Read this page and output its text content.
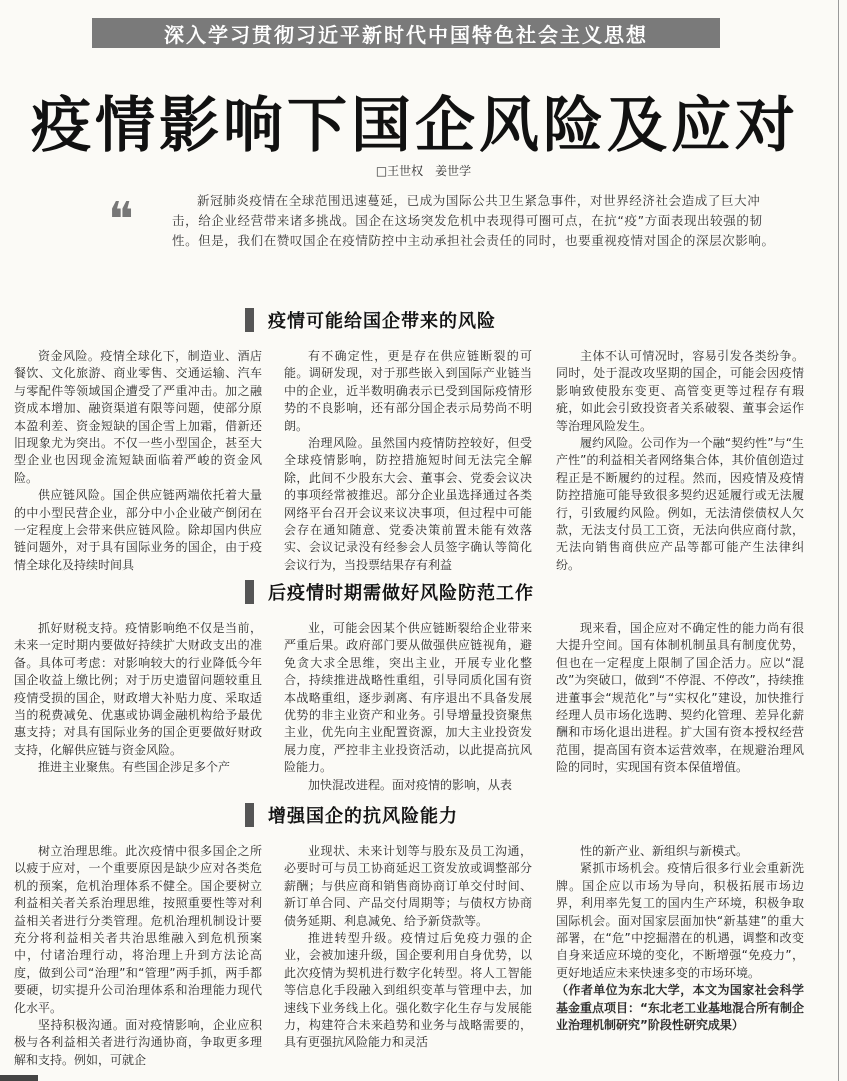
深入学习贯彻习近平新时代中国特色社会主义思想
疫情影响下国企风险及应对
□王世权　姜世学
❝	新冠肺炎疫情在全球范围迅速蔓延，已成为国际公共卫生紧急事件，对世界经济社会造成了巨大冲击，给企业经营带来诸多挑战。国企在这场突发危机中表现得可圈可点，在抗“疫”方面表现出较强的韧性。但是，我们在赞叹国企在疫情防控中主动承担社会责任的同时，也要重视疫情对国企的深层次影响。
疫情可能给国企带来的风险

资金风险。疫情全球化下，制造业、酒店餐饮、文化旅游、商业零售、交通运输、汽车与零配件等领域国企遭受了严重冲击。加之融资成本增加、融资渠道有限等问题，使部分原本盈利差、资金短缺的国企雪上加霜，借新还旧现象尤为突出。不仅一些小型国企，甚至大型企业也因现金流短缺面临着严峻的资金风险。

供应链风险。国企供应链两端依托着大量的中小型民营企业，部分中小企业破产倒闭在一定程度上会带来供应链风险。除却国内供应链问题外，对于具有国际业务的国企，由于疫情全球化及持续时间具

有不确定性，更是存在供应链断裂的可能。调研发现，对于那些嵌入到国际产业链当中的企业，近半数明确表示已受到国际疫情形势的不良影响，还有部分国企表示局势尚不明朗。

治理风险。虽然国内疫情防控较好，但受全球疫情影响，防控措施短时间无法完全解除，此间不少股东大会、董事会、党委会议决的事项经常被推迟。部分企业虽选择通过各类网络平台召开会议来议决事项，但过程中可能会存在通知随意、党委决策前置未能有效落实、会议记录没有经参会人员签字确认等简化会议行为，当投票结果存有利益

主体不认可情况时，容易引发各类纷争。同时，处于混改攻坚期的国企，可能会因疫情影响致使股东变更、高管变更等过程存有瑕疵，如此会引致投资者关系破裂、董事会运作等治理风险发生。

履约风险。公司作为一个融“契约性”与“生产性”的利益相关者网络集合体，其价值创造过程正是不断履约的过程。然而，因疫情及疫情防控措施可能导致很多契约迟延履行或无法履行，引致履约风险。例如，无法清偿债权人欠款，无法支付员工工资，无法向供应商付款，无法向销售商供应产品等都可能产生法律纠纷。

后疫情时期需做好风险防范工作

抓好财税支持。疫情影响绝不仅是当前，未来一定时期内要做好持续扩大财政支出的准备。具体可考虑：对影响较大的行业降低今年国企收益上缴比例；对于历史遗留问题较重且疫情受损的国企，财政增大补贴力度、采取适当的税费减免、优惠或协调金融机构给予最优惠支持；对具有国际业务的国企更要做好财政支持，化解供应链与资金风险。

推进主业聚焦。有些国企涉足多个产

业，可能会因某个供应链断裂给企业带来严重后果。政府部门要从做强供应链视角，避免贪大求全思维，突出主业，开展专业化整合，持续推进战略性重组，引导同质化国有资本战略重组，逐步剥离、有序退出不具备发展优势的非主业资产和业务。引导增量投资聚焦主业，优先向主业配置资源，加大主业投资发展力度，严控非主业投资活动，以此提高抗风险能力。

加快混改进程。面对疫情的影响，从表

现来看，国企应对不确定性的能力尚有很大提升空间。国有体制机制虽具有制度优势，但也在一定程度上限制了国企活力。应以“混改”为突破口，做到“不停混、不停改”，持续推进董事会“规范化”与“实权化”建设，加快推行经理人员市场化选聘、契约化管理、差异化薪酬和市场化退出进程。扩大国有资本授权经营范围，提高国有资本运营效率，在规避治理风险的同时，实现国有资本保值增值。

增强国企的抗风险能力

树立治理思维。此次疫情中很多国企之所以疲于应对，一个重要原因是缺少应对各类危机的预案，危机治理体系不健全。国企要树立利益相关者关系治理思维，按照重要性等对利益相关者进行分类管理。危机治理机制设计要充分将利益相关者共治思维融入到危机预案中，付诸治理行动，将治理上升到方法论高度，做到公司“治理”和“管理”两手抓，两手都要硬，切实提升公司治理体系和治理能力现代化水平。

坚持积极沟通。面对疫情影响，企业应积极与各利益相关者进行沟通协商，争取更多理解和支持。例如，可就企

业现状、未来计划等与股东及员工沟通，必要时可与员工协商延迟工资发放或调整部分薪酬；与供应商和销售商协商订单交付时间、新订单合同、产品交付周期等；与债权方协商债务延期、利息减免、给予新贷款等。

推进转型升级。疫情过后免疫力强的企业，会被加速升级，国企要利用自身优势，以此次疫情为契机进行数字化转型。将人工智能等信息化手段融入到组织变革与管理中去，加速线下业务线上化。强化数字化生存与发展能力，构建符合未来趋势和业务与战略需要的，具有更强抗风险能力和灵活

性的新产业、新组织与新模式。

紧抓市场机会。疫情后很多行业会重新洗牌。国企应以市场为导向，积极拓展市场边界，利用率先复工的国内生产环境，积极争取国际机会。面对国家层面加快“新基建”的重大部署，在“危”中挖掘潜在的机遇，调整和改变自身来适应环境的变化，不断增强“免疫力”，更好地适应未来快速多变的市场环境。

（作者单位为东北大学，本文为国家社会科学基金重点项目：“东北老工业基地混合所有制企业治理机制研究”阶段性研究成果）
